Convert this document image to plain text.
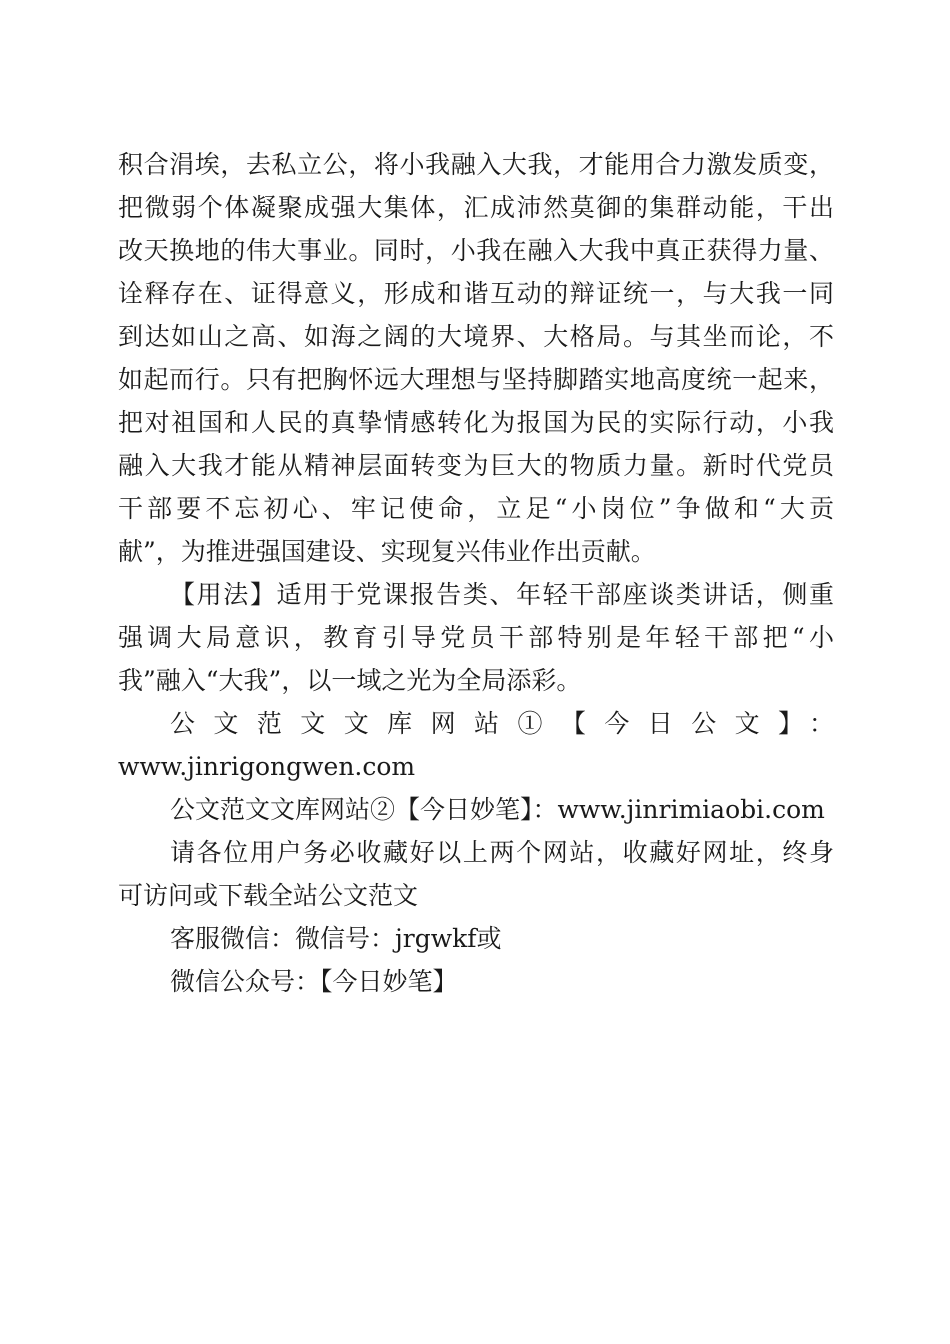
积合涓埃，去私立公，将小我融入大我，才能用合力激发质变，
把微弱个体凝聚成强大集体，汇成沛然莫御的集群动能，干出
改天换地的伟大事业。同时，小我在融入大我中真正获得力量、
诠释存在、证得意义，形成和谐互动的辩证统一，与大我一同
到达如山之高、如海之阔的大境界、大格局。与其坐而论，不
如起而行。只有把胸怀远大理想与坚持脚踏实地高度统一起来，
把对祖国和人民的真挚情感转化为报国为民的实际行动，小我
融入大我才能从精神层面转变为巨大的物质力量。新时代党员
干部要不忘初心、牢记使命，立足“小岗位”争做和“大贡
献”，为推进强国建设、实现复兴伟业作出贡献。
【用法】适用于党课报告类、年轻干部座谈类讲话，侧重
强调大局意识，教育引导党员干部特别是年轻干部把“小
我”融入“大我”，以一域之光为全局添彩。
公文范文文库网站①【今日公文】：
www.jinrigongwen.com
公文范文文库网站②【今日妙笔】：www.jinrimiaobi.com
请各位用户务必收藏好以上两个网站，收藏好网址，终身
可访问或下载全站公文范文
客服微信：微信号：jrgwkf或
微信公众号：【今日妙笔】
